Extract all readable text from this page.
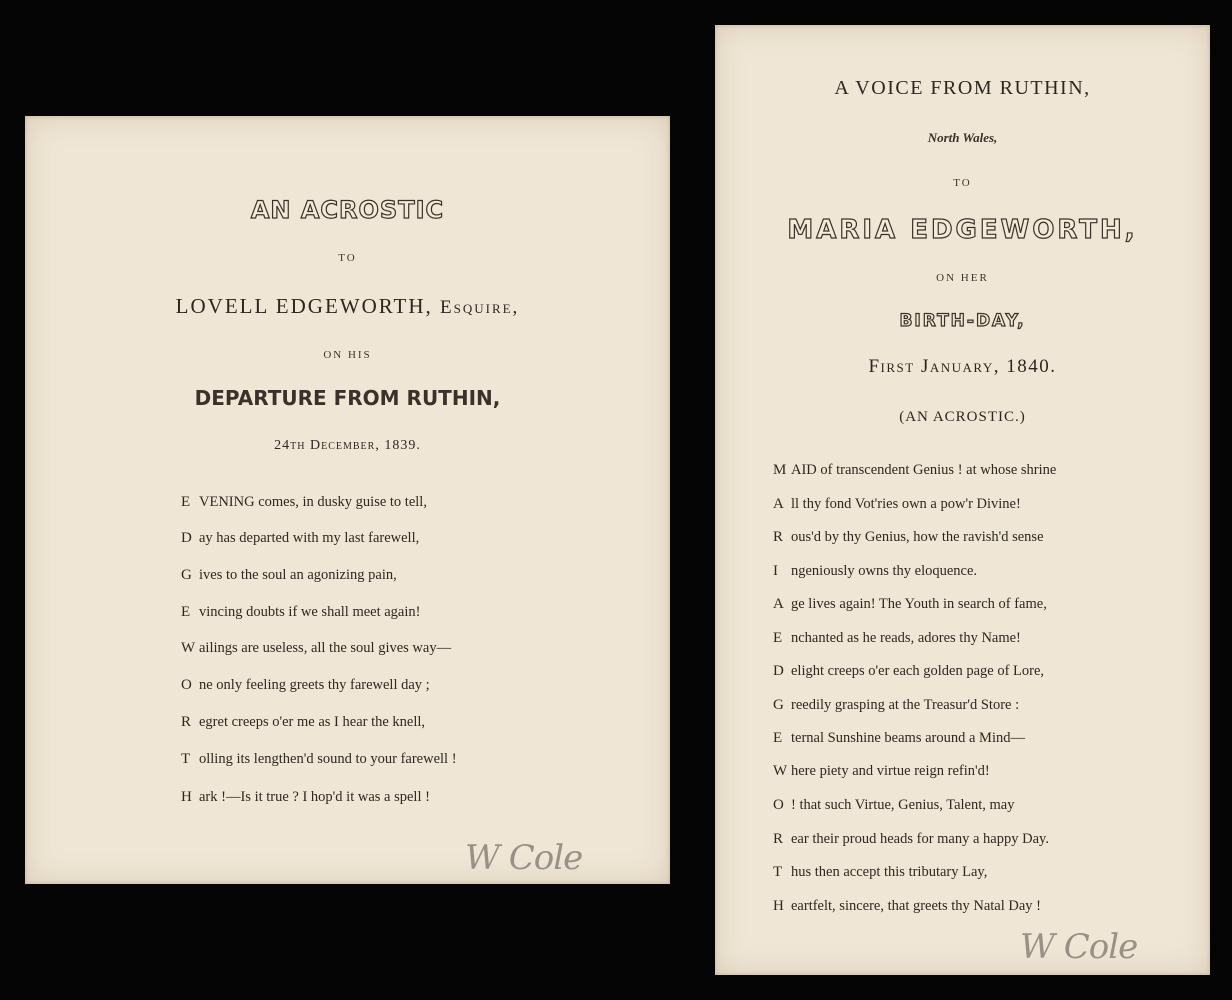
AN ACROSTIC
TO
LOVELL EDGEWORTH, Esquire,
ON HIS
DEPARTURE FROM RUTHIN,
24th December, 1839.
E VENING comes, in dusky guise to tell,
D ay has departed with my last farewell,
G ives to the soul an agonizing pain,
E vincing doubts if we shall meet again!
W ailings are useless, all the soul gives way—
O ne only feeling greets thy farewell day ;
R egret creeps o'er me as I hear the knell,
T olling its lengthen'd sound to your farewell !
H ark !—Is it true ? I hop'd it was a spell !
W Cole
A VOICE FROM RUTHIN,
North Wales,
TO
MARIA EDGEWORTH,
ON HER
BIRTH-DAY,
First January, 1840.
(AN ACROSTIC.)
M AID of transcendent Genius ! at whose shrine
A ll thy fond Vot'ries own a pow'r Divine!
R ous'd by thy Genius, how the ravish'd sense
I ngeniously owns thy eloquence.
A ge lives again! The Youth in search of fame,
E nchanted as he reads, adores thy Name!
D elight creeps o'er each golden page of Lore,
G reedily grasping at the Treasur'd Store :
E ternal Sunshine beams around a Mind—
W here piety and virtue reign refin'd!
O ! that such Virtue, Genius, Talent, may
R ear their proud heads for many a happy Day.
T hus then accept this tributary Lay,
H eartfelt, sincere, that greets thy Natal Day !
W Cole
